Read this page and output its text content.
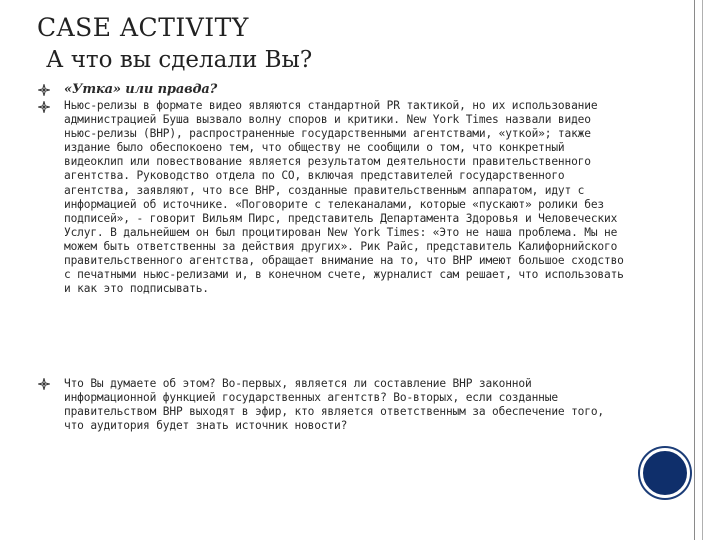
CASE ACTIVITY
А что вы сделали Вы?
«Утка» или правда?

Ньюс-релизы в формате видео являются стандартной PR тактикой, но их использование администрацией Буша вызвало волну споров и критики. New York Times назвали видео ньюс-релизы (ВНР), распространенные государственными агентствами, «уткой»; также издание было обеспокоено тем, что обществу не сообщили о том, что конкретный видеоклип или повествование является результатом деятельности правительственного агентства. Руководство отдела по СО, включая представителей государственного агентства, заявляют, что все ВНР, созданные правительственным аппаратом, идут с информацией об источнике. «Поговорите с телеканалами, которые «пускают» ролики без подписей», - говорит Вильям Пирс, представитель Департамента Здоровья и Человеческих Услуг. В дальнейшем он был процитирован New York Times: «Это не наша проблема. Мы не можем быть ответственны за действия других». Рик Райс, представитель Калифорнийского правительственного агентства, обращает внимание на то, что ВНР имеют большое сходство с печатными ньюс-релизами и, в конечном счете, журналист сам решает, что использовать и как это подписывать.

Что Вы думаете об этом? Во-первых, является ли составление ВНР законной информационной функцией государственных агентств? Во-вторых, если созданные правительством ВНР выходят в эфир, кто является ответственным за обеспечение того, что аудитория будет знать источник новости?
